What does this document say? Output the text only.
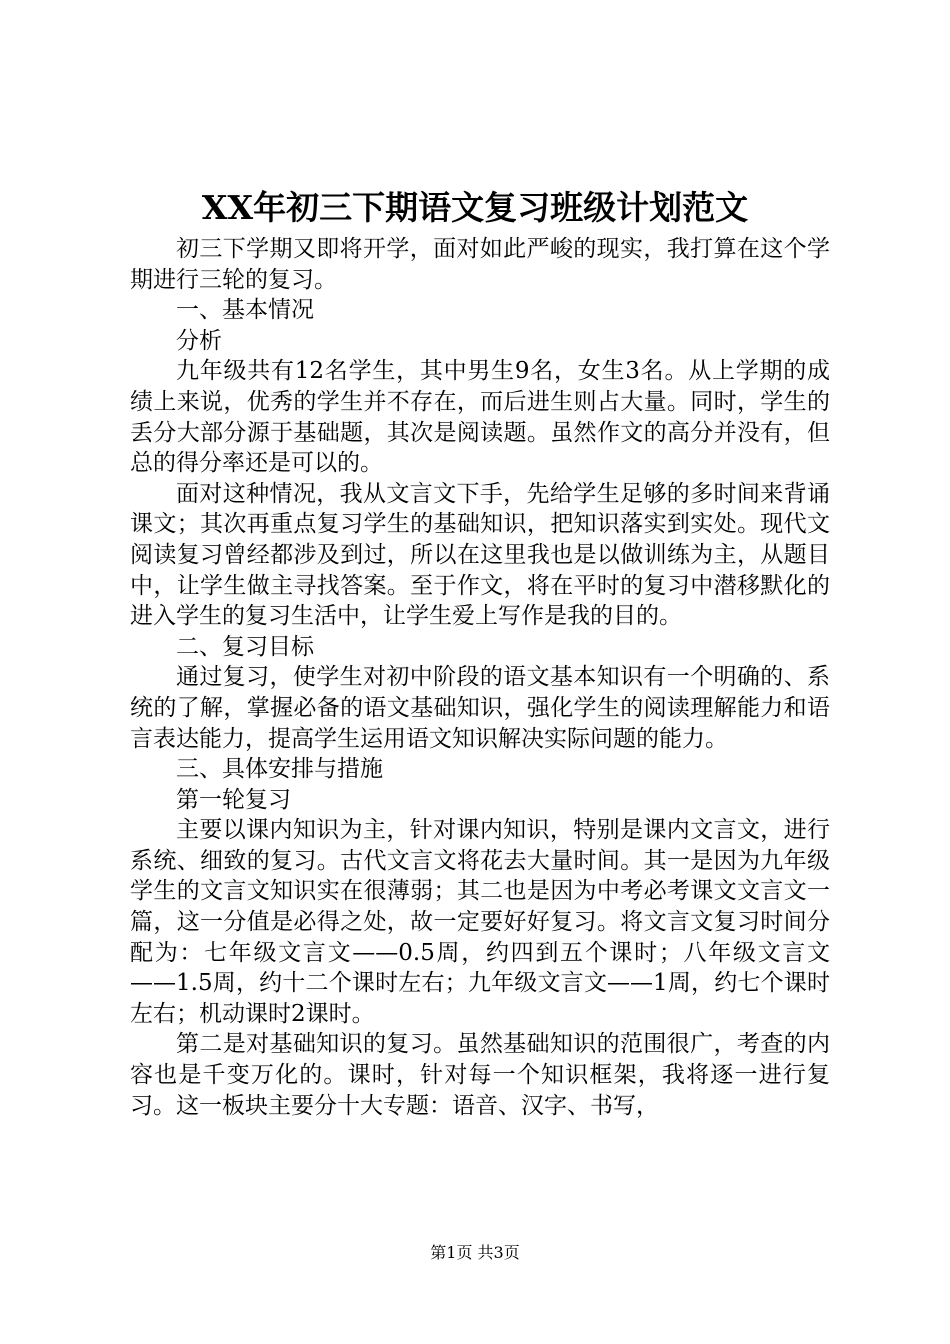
XX年初三下期语文复习班级计划范文

初三下学期又即将开学，面对如此严峻的现实，我打算在这个学期进行三轮的复习。

一、基本情况

分析

九年级共有12名学生，其中男生9名，女生3名。从上学期的成绩上来说，优秀的学生并不存在，而后进生则占大量。同时，学生的丢分大部分源于基础题，其次是阅读题。虽然作文的高分并没有，但总的得分率还是可以的。

面对这种情况，我从文言文下手，先给学生足够的多时间来背诵课文；其次再重点复习学生的基础知识，把知识落实到实处。现代文阅读复习曾经都涉及到过，所以在这里我也是以做训练为主，从题目中，让学生做主寻找答案。至于作文，将在平时的复习中潜移默化的进入学生的复习生活中，让学生爱上写作是我的目的。

二、复习目标

通过复习，使学生对初中阶段的语文基本知识有一个明确的、系统的了解，掌握必备的语文基础知识，强化学生的阅读理解能力和语言表达能力，提高学生运用语文知识解决实际问题的能力。

三、具体安排与措施

第一轮复习

主要以课内知识为主，针对课内知识，特别是课内文言文，进行系统、细致的复习。古代文言文将花去大量时间。其一是因为九年级学生的文言文知识实在很薄弱；其二也是因为中考必考课文文言文一篇，这一分值是必得之处，故一定要好好复习。将文言文复习时间分配为：七年级文言文——0.5周，约四到五个课时；八年级文言文——1.5周，约十二个课时左右；九年级文言文——1周，约七个课时左右；机动课时2课时。

第二是对基础知识的复习。虽然基础知识的范围很广，考查的内容也是千变万化的。课时，针对每一个知识框架，我将逐一进行复习。这一板块主要分十大专题：语音、汉字、书写，

第1页 共3页
